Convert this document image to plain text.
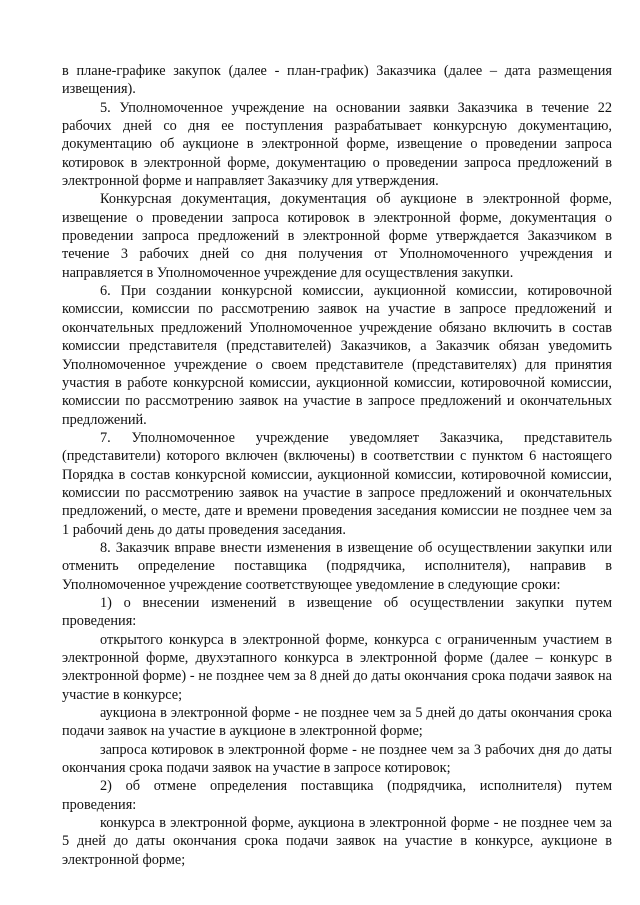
в плане-графике закупок (далее - план-график) Заказчика (далее – дата размещения извещения).

5. Уполномоченное учреждение на основании заявки Заказчика в течение 22 рабочих дней со дня ее поступления разрабатывает конкурсную документацию, документацию об аукционе в электронной форме, извещение о проведении запроса котировок в электронной форме, документацию о проведении запроса предложений в электронной форме и направляет Заказчику для утверждения.

Конкурсная документация, документация об аукционе в электронной форме, извещение о проведении запроса котировок в электронной форме, документация о проведении запроса предложений в электронной форме утверждается Заказчиком в течение 3 рабочих дней со дня получения от Уполномоченного учреждения и направляется в Уполномоченное учреждение для осуществления закупки.

6. При создании конкурсной комиссии, аукционной комиссии, котировочной комиссии, комиссии по рассмотрению заявок на участие в запросе предложений и окончательных предложений Уполномоченное учреждение обязано включить в состав комиссии представителя (представителей) Заказчиков, а Заказчик обязан уведомить Уполномоченное учреждение о своем представителе (представителях) для принятия участия в работе конкурсной комиссии, аукционной комиссии, котировочной комиссии, комиссии по рассмотрению заявок на участие в запросе предложений и окончательных предложений.

7. Уполномоченное учреждение уведомляет Заказчика, представитель (представители) которого включен (включены) в соответствии с пунктом 6 настоящего Порядка в состав конкурсной комиссии, аукционной комиссии, котировочной комиссии, комиссии по рассмотрению заявок на участие в запросе предложений и окончательных предложений, о месте, дате и времени проведения заседания комиссии не позднее чем за 1 рабочий день до даты проведения заседания.

8. Заказчик вправе внести изменения в извещение об осуществлении закупки или отменить определение поставщика (подрядчика, исполнителя), направив в Уполномоченное учреждение соответствующее уведомление в следующие сроки:

1) о внесении изменений в извещение об осуществлении закупки путем проведения:

открытого конкурса в электронной форме, конкурса с ограниченным участием в электронной форме, двухэтапного конкурса в электронной форме (далее – конкурс в электронной форме) - не позднее чем за 8 дней до даты окончания срока подачи заявок на участие в конкурсе;

аукциона в электронной форме - не позднее чем за 5 дней до даты окончания срока подачи заявок на участие в аукционе в электронной форме;

запроса котировок в электронной форме - не позднее чем за 3 рабочих дня до даты окончания срока подачи заявок на участие в запросе котировок;

2) об отмене определения поставщика (подрядчика, исполнителя) путем проведения:

конкурса в электронной форме, аукциона в электронной форме - не позднее чем за 5 дней до даты окончания срока подачи заявок на участие в конкурсе, аукционе в электронной форме;
